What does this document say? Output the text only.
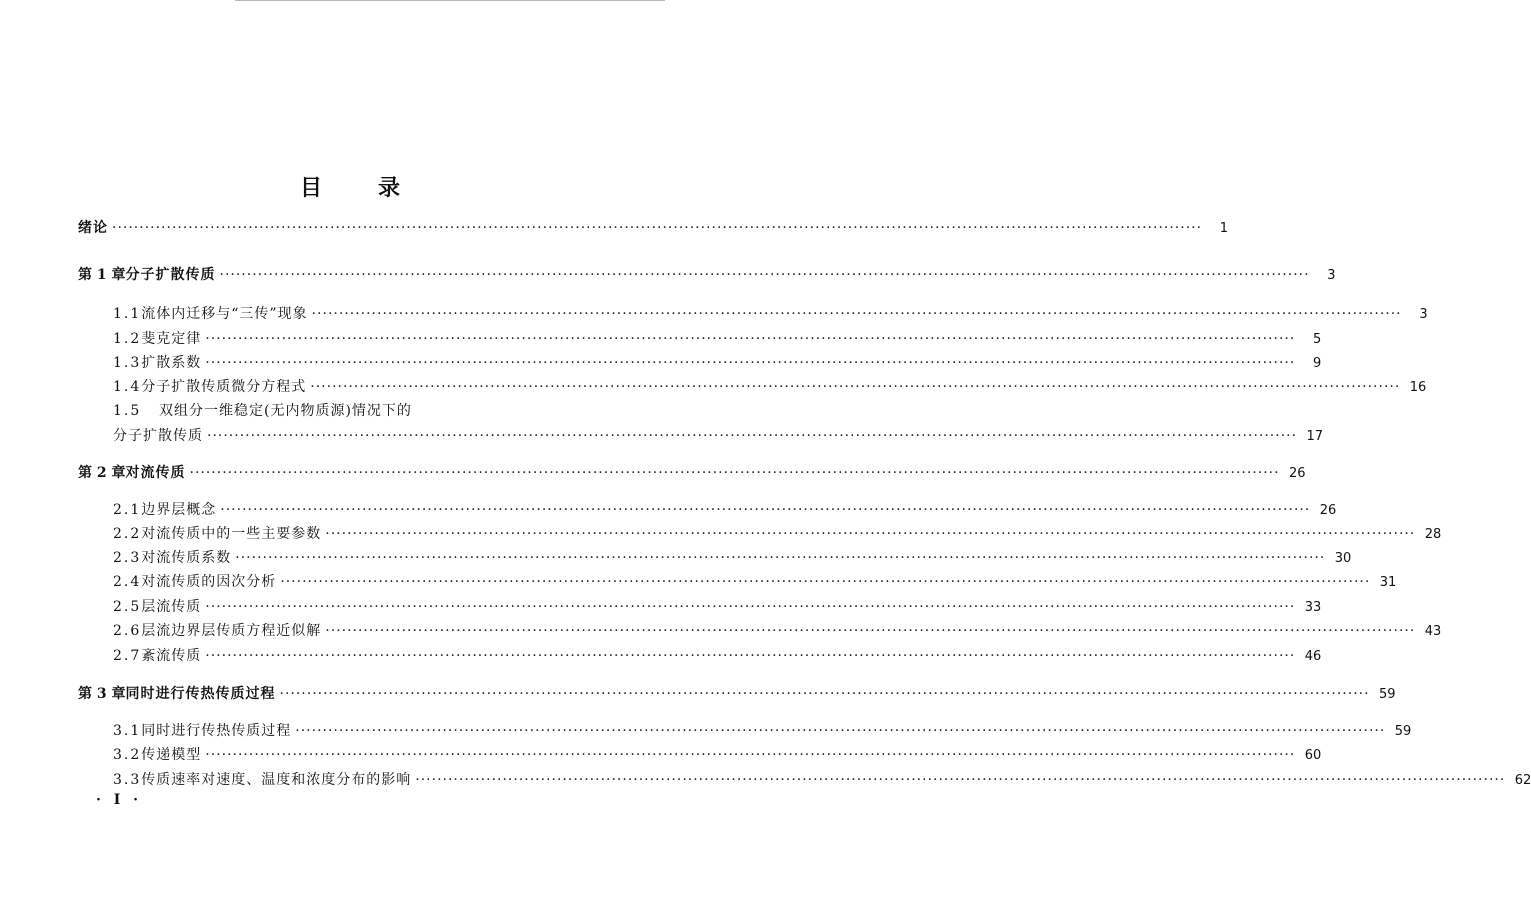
目	录
绪论 ········································································································································································································	1
第 1 章 分子扩散传质 ········································································································································································································	3
1.1 流体内迁移与“三传”现象 ········································································································································································································	3
1.2 斐克定律 ········································································································································································································	5
1.3 扩散系数 ········································································································································································································	9
1.4 分子扩散传质微分方程式 ········································································································································································································ 16
1.5	双组分一维稳定(无内物质源)情况下的
分子扩散传质 ········································································································································································································ 17
第 2 章 对流传质 ········································································································································································································ 26
2.1 边界层概念 ········································································································································································································ 26
2.2 对流传质中的一些主要参数 ········································································································································································································ 28
2.3 对流传质系数 ········································································································································································································ 30
2.4 对流传质的因次分析 ········································································································································································································ 31
2.5 层流传质 ········································································································································································································ 33
2.6 层流边界层传质方程近似解 ········································································································································································································ 43
2.7 紊流传质 ········································································································································································································ 46
第 3 章 同时进行传热传质过程 ········································································································································································································ 59
3.1 同时进行传热传质过程 ········································································································································································································ 59
3.2 传递模型 ········································································································································································································ 60
3.3 传质速率对速度、温度和浓度分布的影响 ········································································································································································································ 62
· I ·
